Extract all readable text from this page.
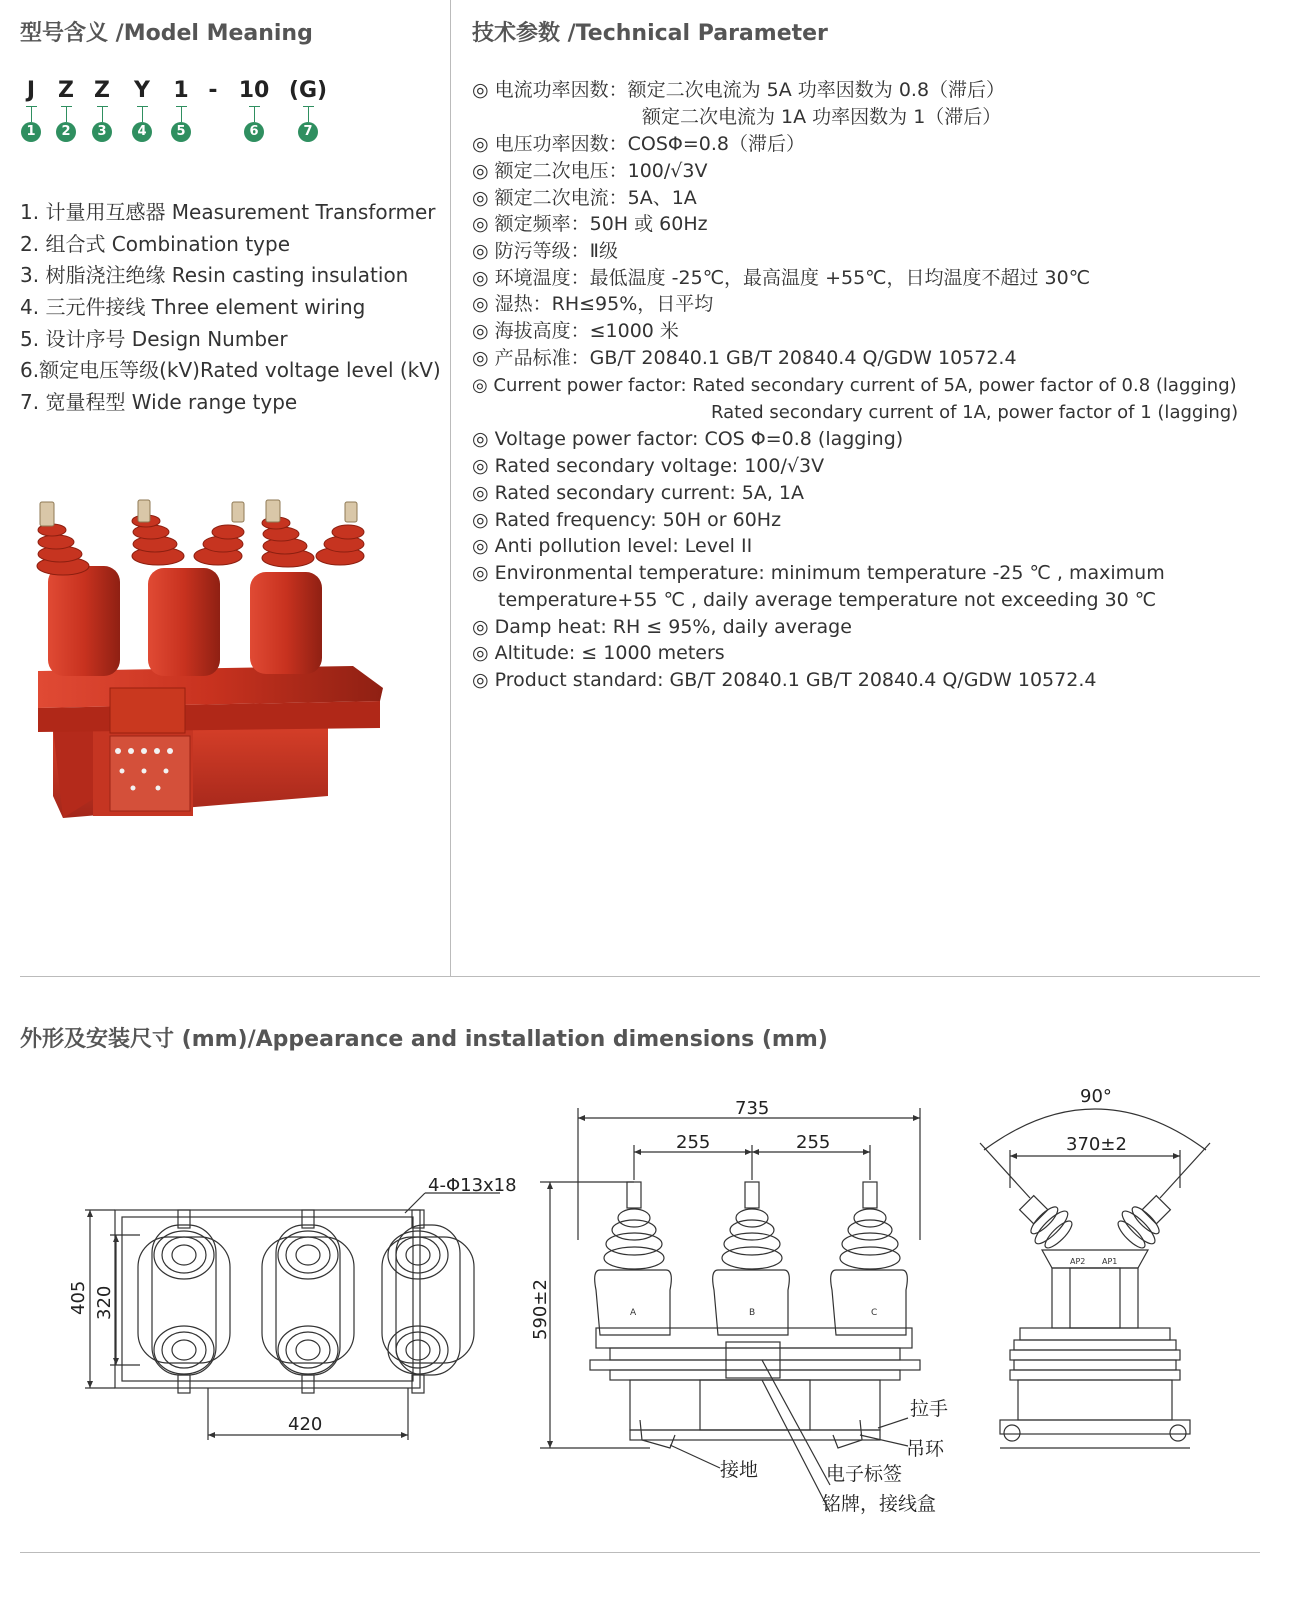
型号含义 /Model Meaning
J	Z Z	Y	1 - 10 (G)
1	2	3	4	5	6	7
1. 计量用互感器 Measurement Transformer
2. 组合式 Combination type
3. 树脂浇注绝缘 Resin casting insulation
4. 三元件接线 Three element wiring
5. 设计序号 Design Number
6.额定电压等级(kV)Rated voltage level (kV)
7. 宽量程型 Wide range type
技术参数 /Technical Parameter
◎ 电流功率因数：额定二次电流为 5A 功率因数为 0.8（滞后）
额定二次电流为 1A 功率因数为 1（滞后）
◎ 电压功率因数：COSΦ=0.8（滞后）
◎ 额定二次电压：100/√3V
◎ 额定二次电流：5A、1A
◎ 额定频率：50H 或 60Hz
◎ 防污等级：Ⅱ级
◎ 环境温度：最低温度 -25℃，最高温度 +55℃，日均温度不超过 30℃
◎ 湿热：RH≤95%，日平均
◎ 海拔高度：≤1000 米
◎ 产品标准：GB/T 20840.1 GB/T 20840.4 Q/GDW 10572.4
◎ Current power factor: Rated secondary current of 5A, power factor of 0.8 (lagging)
Rated secondary current of 1A, power factor of 1 (lagging)
◎ Voltage power factor: COS Φ=0.8 (lagging)
◎ Rated secondary voltage: 100/√3V
◎ Rated secondary current: 5A, 1A
◎ Rated frequency: 50H or 60Hz
◎ Anti pollution level: Level II
◎ Environmental temperature: minimum temperature -25 ℃ , maximum
temperature+55 ℃ , daily average temperature not exceeding 30 ℃
◎ Damp heat: RH ≤ 95%, daily average
◎ Altitude: ≤ 1000 meters
◎ Product standard: GB/T 20840.1 GB/T 20840.4 Q/GDW 10572.4
外形及安装尺寸 (mm)/Appearance and installation dimensions (mm)
4-Φ13x18
405 320
420
735
255	255
590±2	A	B	C
拉手
吊环
接地	电子标签
铭牌，接线盒
90°
370±2
AP2 AP1
